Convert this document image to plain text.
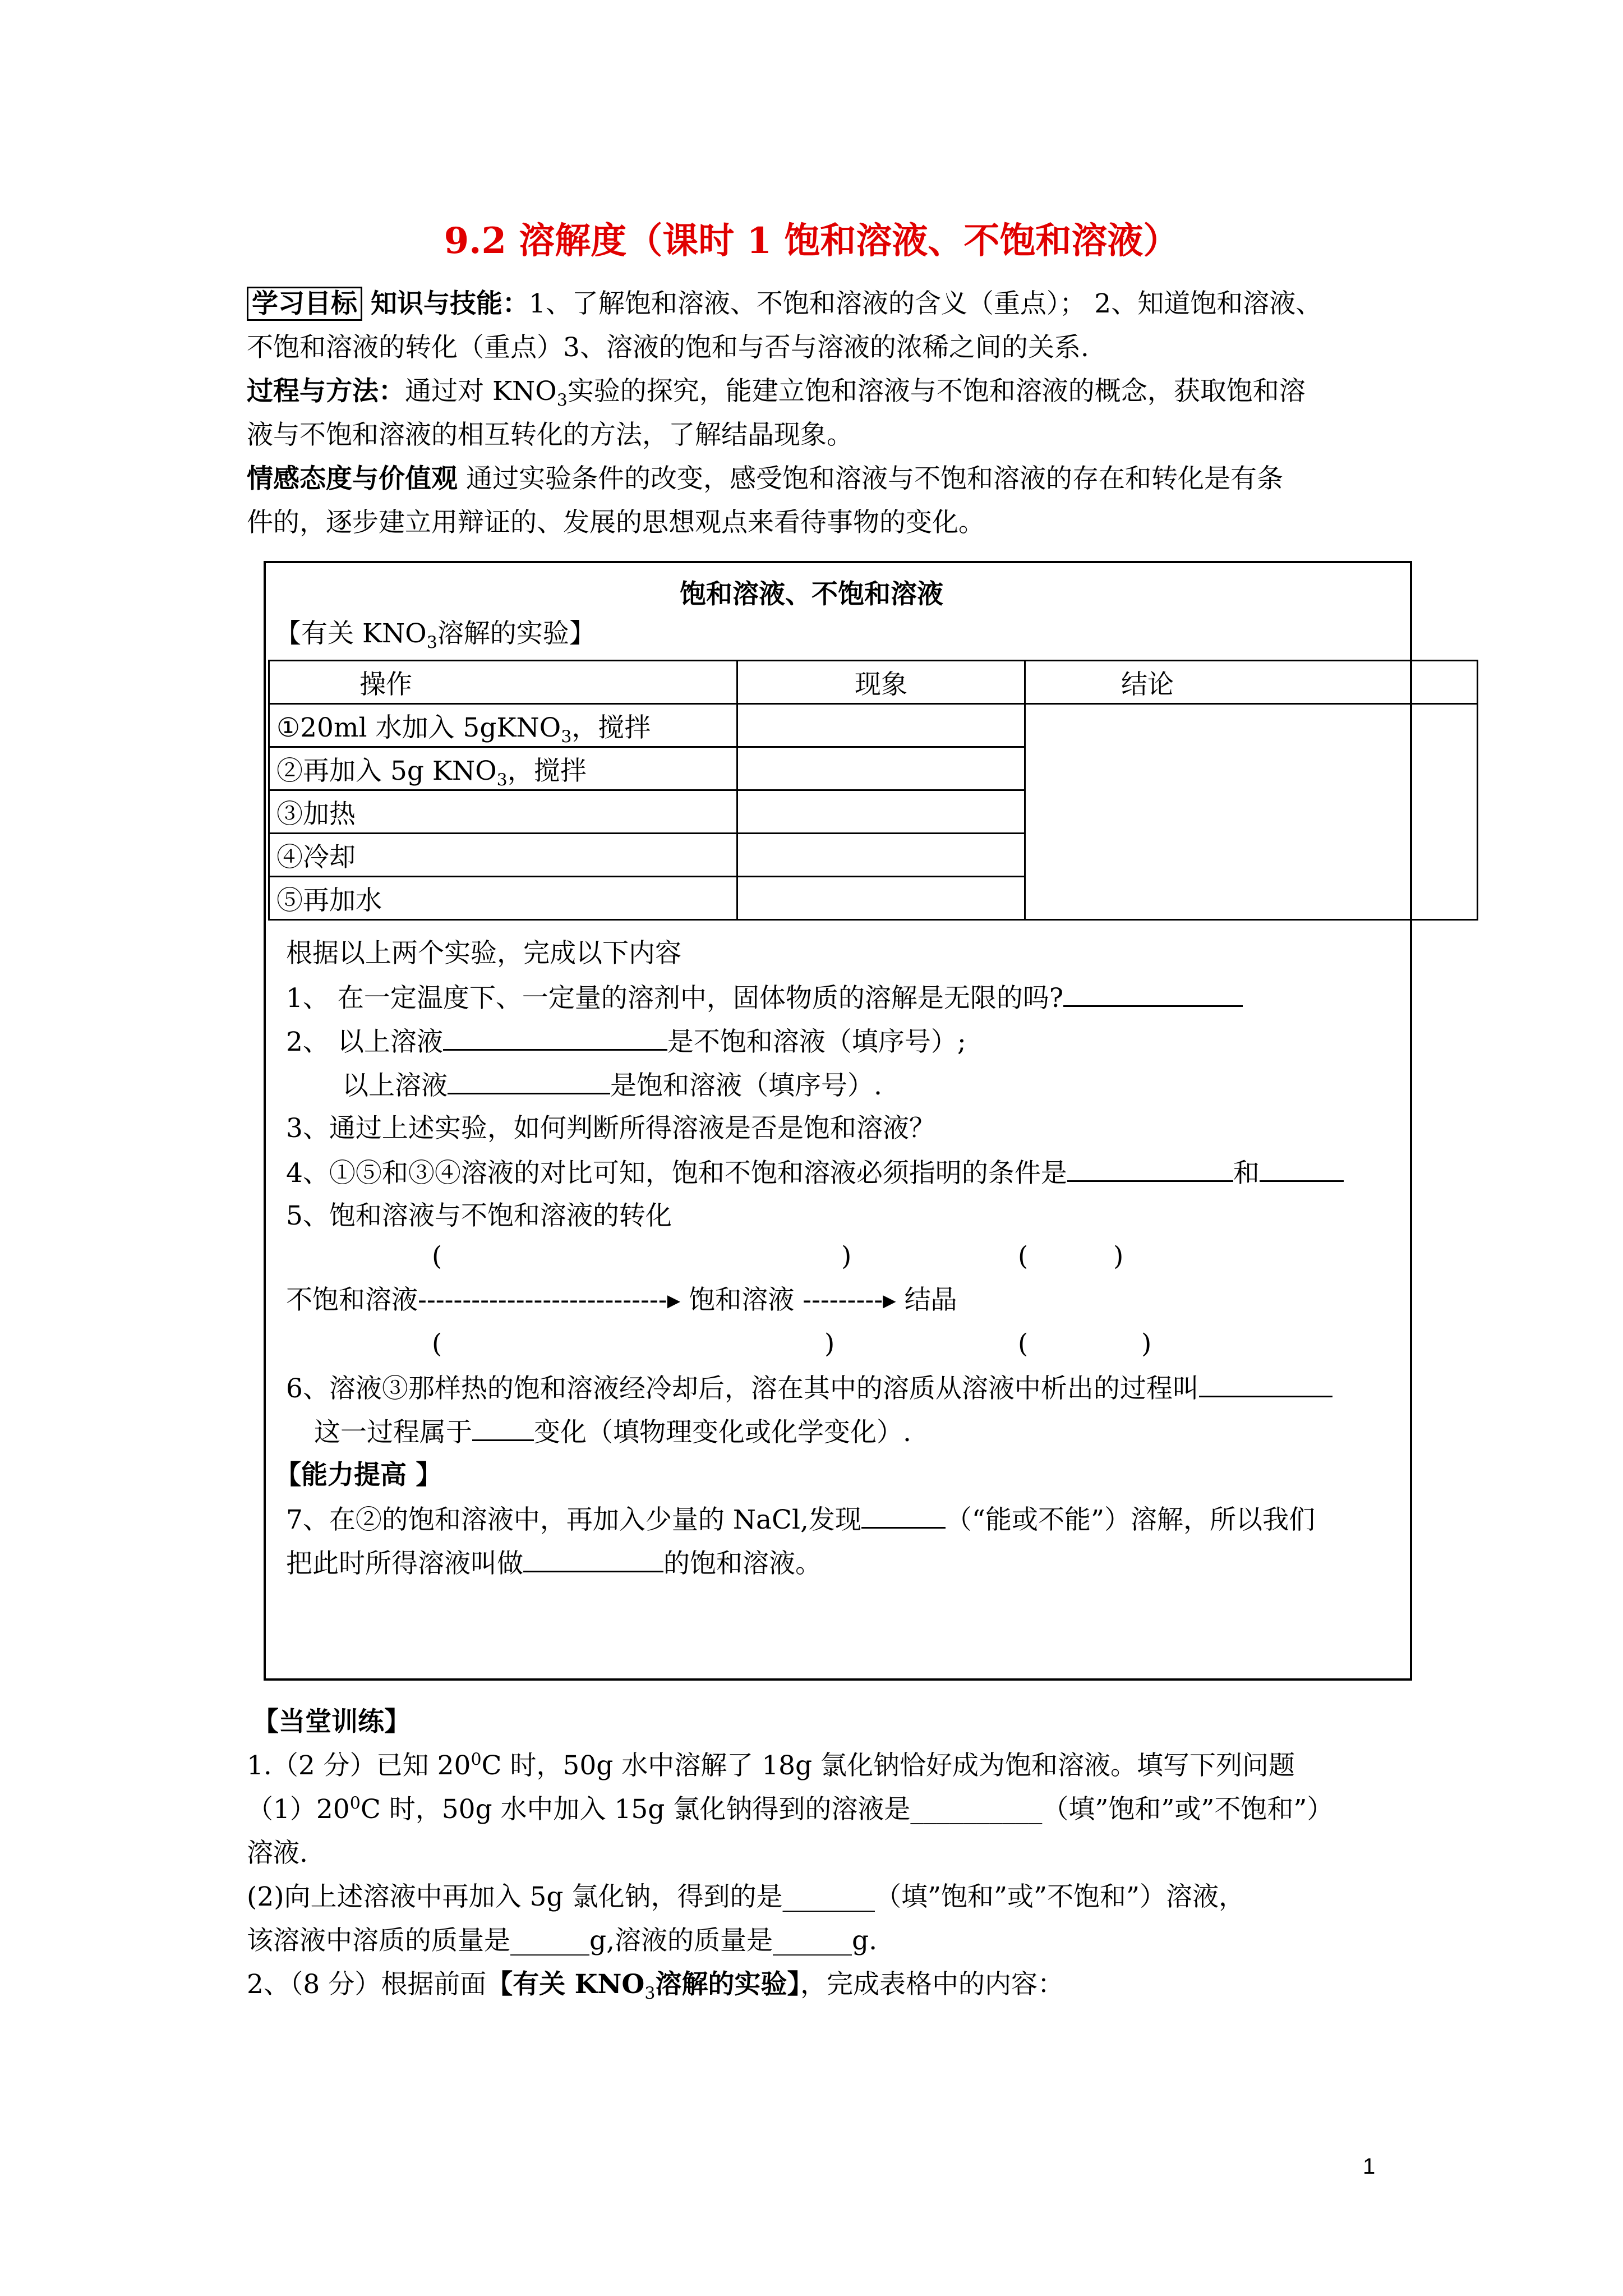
9.2 溶解度（课时 1 饱和溶液、不饱和溶液）
学习目标 知识与技能：1、了解饱和溶液、不饱和溶液的含义（重点）； 2、知道饱和溶液、
不饱和溶液的转化（重点）3、溶液的饱和与否与溶液的浓稀之间的关系.
过程与方法：通过对 $KNO_3$实验的探究，能建立饱和溶液与不饱和溶液的概念，获取饱和溶
液与不饱和溶液的相互转化的方法，了解结晶现象。
情感态度与价值观 通过实验条件的改变，感受饱和溶液与不饱和溶液的存在和转化是有条
件的，逐步建立用辩证的、发展的思想观点来看待事物的变化。
饱和溶液、不饱和溶液
【有关 $KNO_3$溶解的实验】
操作	现象	结论
①20ml 水加入 5gKNO$_3$，搅拌		
②再加入 5g $KNO_3$，搅拌		
③加热		
④冷却		
⑤再加水		
根据以上两个实验，完成以下内容
1、 在一定温度下、一定量的溶剂中，固体物质的溶解是无限的吗?
2、 以上溶液	是不饱和溶液（填序号）;
以上溶液	是饱和溶液（填序号）.
3、通过上述实验，如何判断所得溶液是否是饱和溶液？
4、①⑤和③④溶液的对比可知，饱和不饱和溶液必须指明的条件是	和
5、饱和溶液与不饱和溶液的转化
(	)	(	)
不饱和溶液----------------------------▸ 饱和溶液 ---------▸ 结晶
(	)	(	)
6、溶液③那样热的饱和溶液经冷却后，溶在其中的溶质从溶液中析出的过程叫
这一过程属于 变化（填物理变化或化学变化）.
【能力提高 】
7、在②的饱和溶液中，再加入少量的 NaCl,发现	（“能或不能”）溶解，所以我们
把此时所得溶液叫做	的饱和溶液。
【当堂训练】
1.（2 分）已知 $20^0C$ 时，50g 水中溶解了 18g 氯化钠恰好成为饱和溶液。填写下列问题
$(1)20^0C$ 时，50g 水中加入 15g 氯化钠得到的溶液是__________（填”饱和”或”不饱和”）
溶液.
(2)向上述溶液中再加入 5g 氯化钠，得到的是_______（填”饱和”或”不饱和”）溶液，
该溶液中溶质的质量是______g,溶液的质量是______g.
2、（8 分）根据前面【有关 $KNO_3$溶解的实验】，完成表格中的内容：
1
